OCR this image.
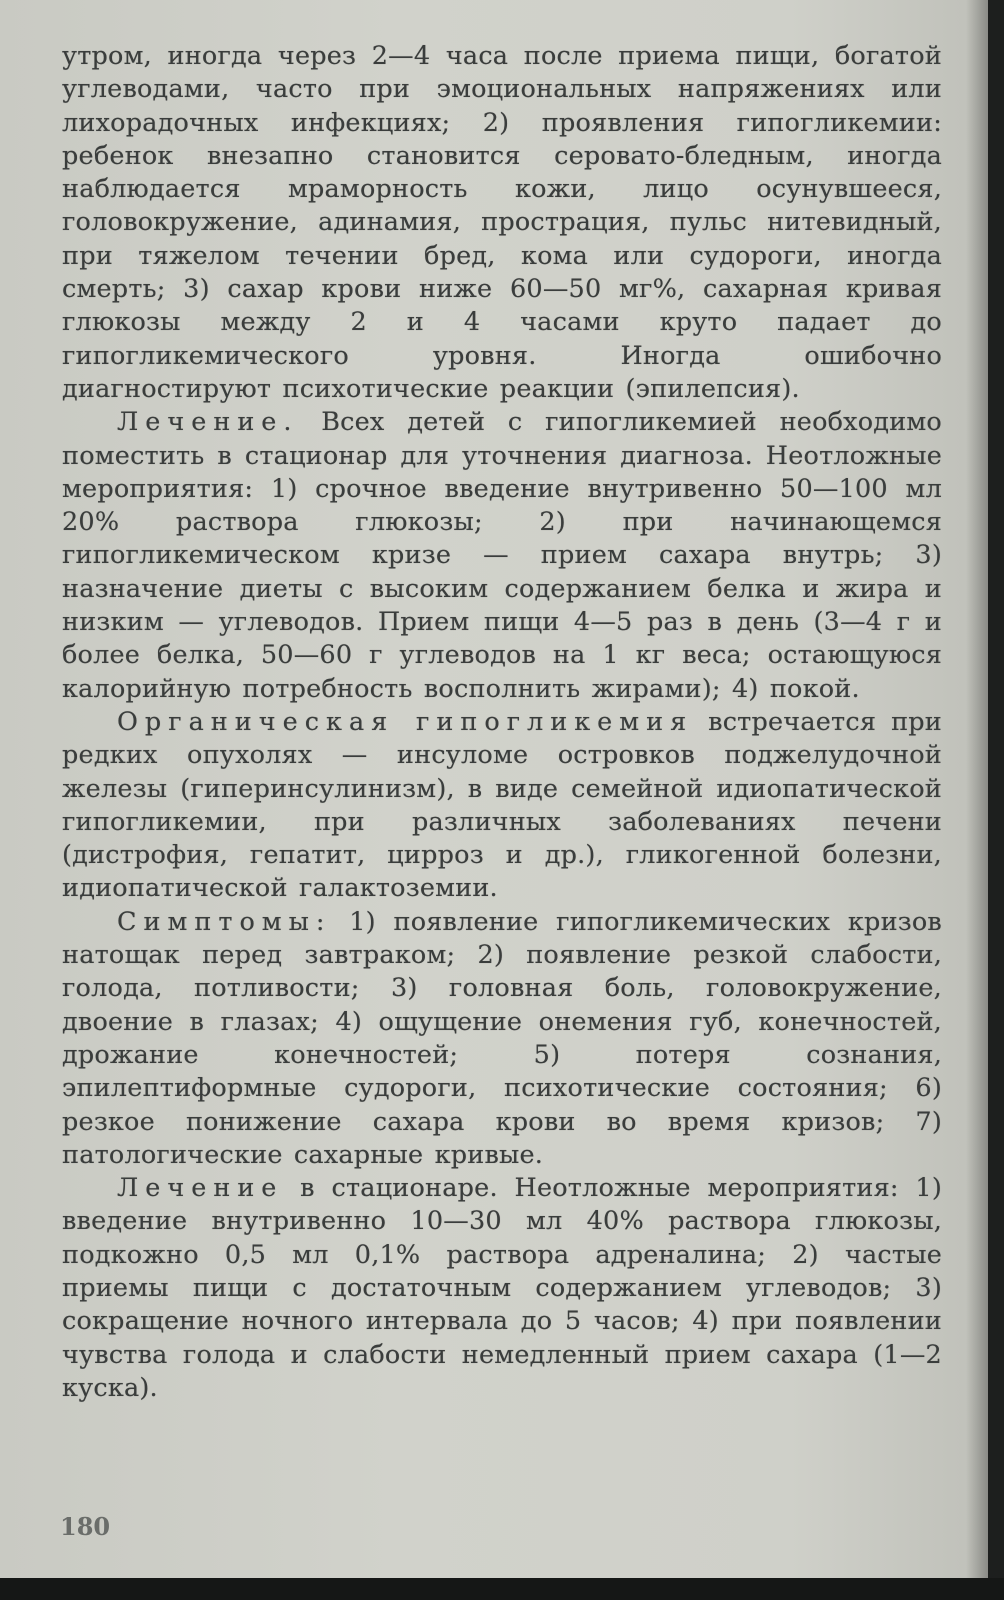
утром, иногда через 2—4 часа после приема пищи, богатой углеводами, часто при эмоциональных напряжениях или лихорадочных инфекциях; 2) проявления гипогликемии: ребенок внезапно становится серовато-бледным, иногда наблюдается мраморность кожи, лицо осунувшееся, головокружение, адинамия, прострация, пульс нитевидный, при тяжелом течении бред, кома или судороги, иногда смерть; 3) сахар крови ниже 60—50 мг%, сахарная кривая глюкозы между 2 и 4 часами круто падает до гипогликемического уровня. Иногда ошибочно диагностируют психотические реакции (эпилепсия).

Лечение. Всех детей с гипогликемией необходимо поместить в стационар для уточнения диагноза. Неотложные мероприятия: 1) срочное введение внутривенно 50—100 мл 20% раствора глюкозы; 2) при начинающемся гипогликемическом кризе — прием сахара внутрь; 3) назначение диеты с высоким содержанием белка и жира и низким — углеводов. Прием пищи 4—5 раз в день (3—4 г и более белка, 50—60 г углеводов на 1 кг веса; остающуюся калорийную потребность восполнить жирами); 4) покой.

Органическая гипогликемия встречается при редких опухолях — инсуломе островков поджелудочной железы (гиперинсулинизм), в виде семейной идиопатической гипогликемии, при различных заболеваниях печени (дистрофия, гепатит, цирроз и др.), гликогенной болезни, идиопатической галактоземии.

Симптомы: 1) появление гипогликемических кризов натощак перед завтраком; 2) появление резкой слабости, голода, потливости; 3) головная боль, головокружение, двоение в глазах; 4) ощущение онемения губ, конечностей, дрожание конечностей; 5) потеря сознания, эпилептиформные судороги, психотические состояния; 6) резкое понижение сахара крови во время кризов; 7) патологические сахарные кривые.

Лечение в стационаре. Неотложные мероприятия: 1) введение внутривенно 10—30 мл 40% раствора глюкозы, подкожно 0,5 мл 0,1% раствора адреналина; 2) частые приемы пищи с достаточным содержанием углеводов; 3) сокращение ночного интервала до 5 часов; 4) при появлении чувства голода и слабости немедленный прием сахара (1—2 куска).

180
